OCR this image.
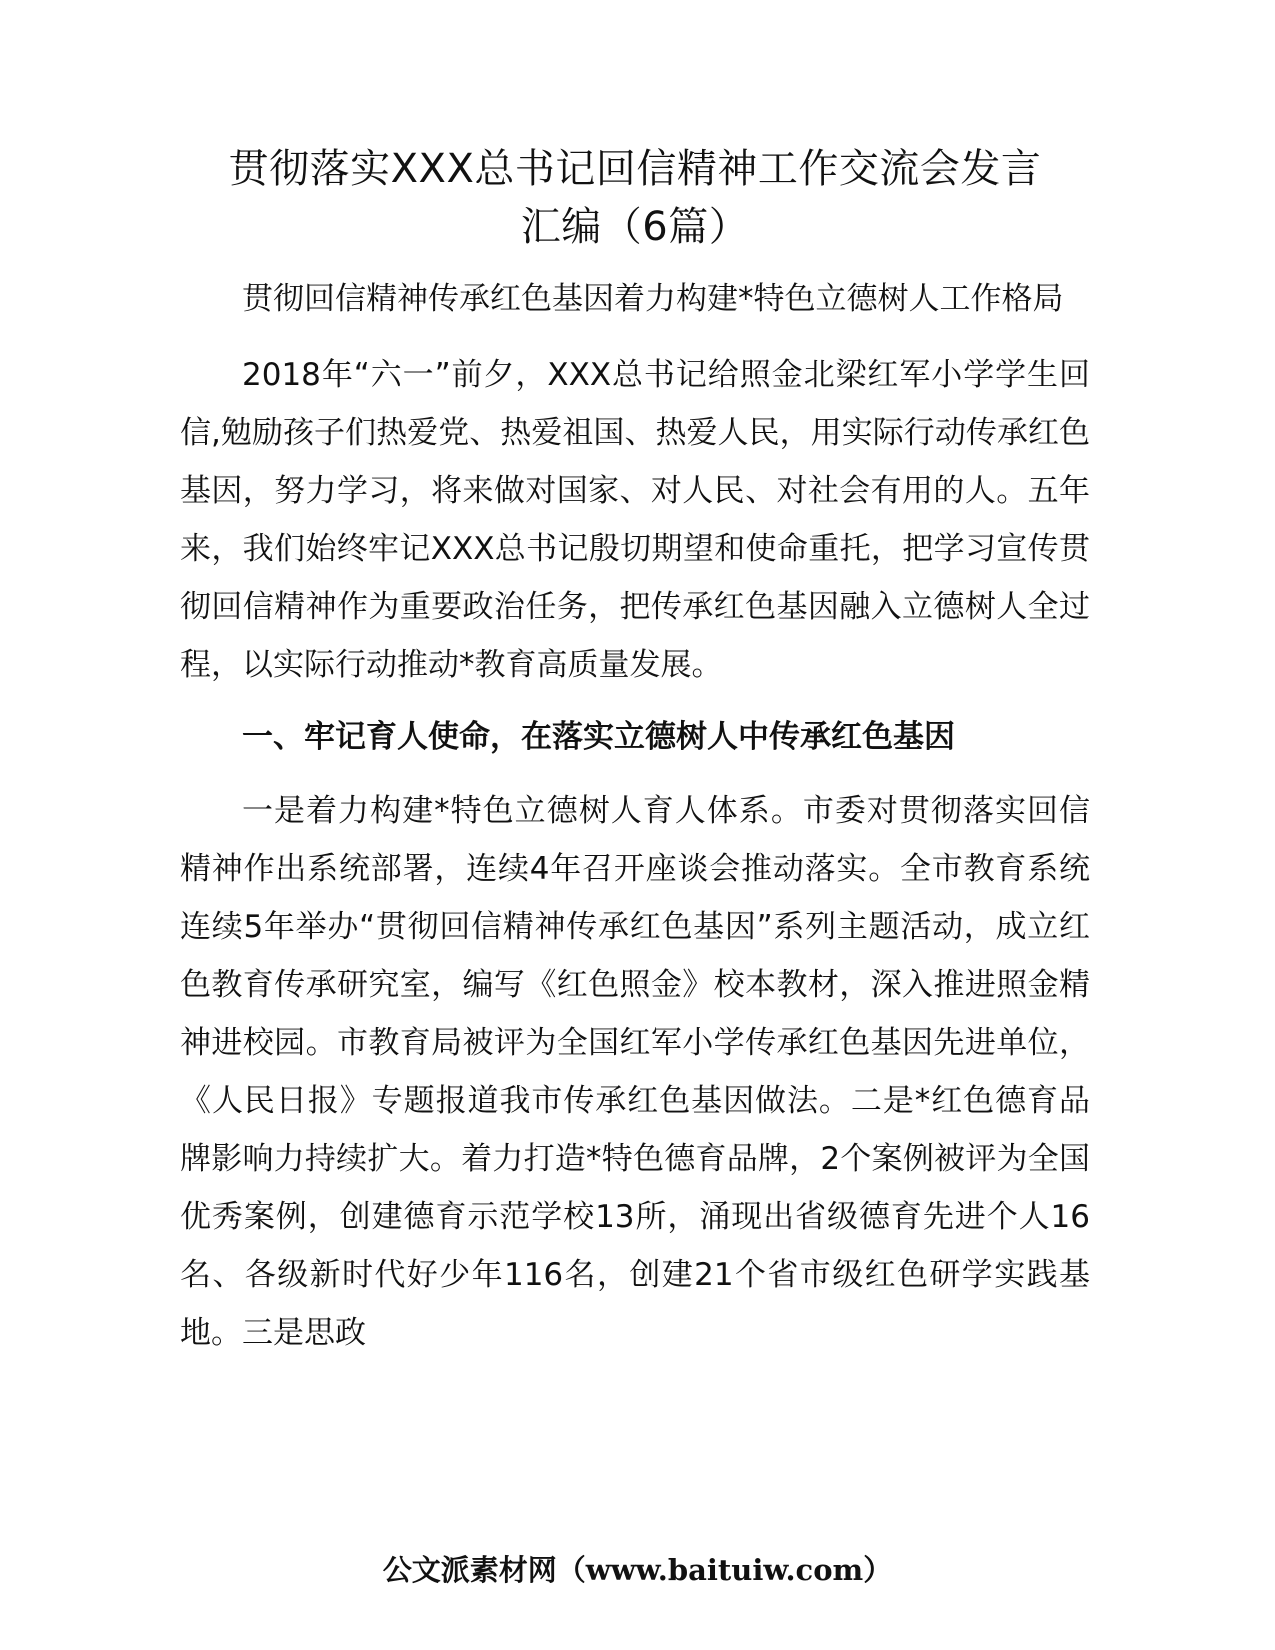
贯彻落实XXX总书记回信精神工作交流会发言
汇编（6篇）

贯彻回信精神传承红色基因着力构建*特色立德树人工作格局

2018年“六一”前夕，XXX总书记给照金北梁红军小学学生回信,勉励孩子们热爱党、热爱祖国、热爱人民，用实际行动传承红色基因，努力学习，将来做对国家、对人民、对社会有用的人。五年来，我们始终牢记XXX总书记殷切期望和使命重托，把学习宣传贯彻回信精神作为重要政治任务，把传承红色基因融入立德树人全过程，以实际行动推动*教育高质量发展。

一、牢记育人使命，在落实立德树人中传承红色基因

一是着力构建*特色立德树人育人体系。市委对贯彻落实回信精神作出系统部署，连续4年召开座谈会推动落实。全市教育系统连续5年举办“贯彻回信精神传承红色基因”系列主题活动，成立红色教育传承研究室，编写《红色照金》校本教材，深入推进照金精神进校园。市教育局被评为全国红军小学传承红色基因先进单位，《人民日报》专题报道我市传承红色基因做法。二是*红色德育品牌影响力持续扩大。着力打造*特色德育品牌，2个案例被评为全国优秀案例，创建德育示范学校13所，涌现出省级德育先进个人16名、各级新时代好少年116名，创建21个省市级红色研学实践基地。三是思政

公文派素材网（www.baituiw.com）
